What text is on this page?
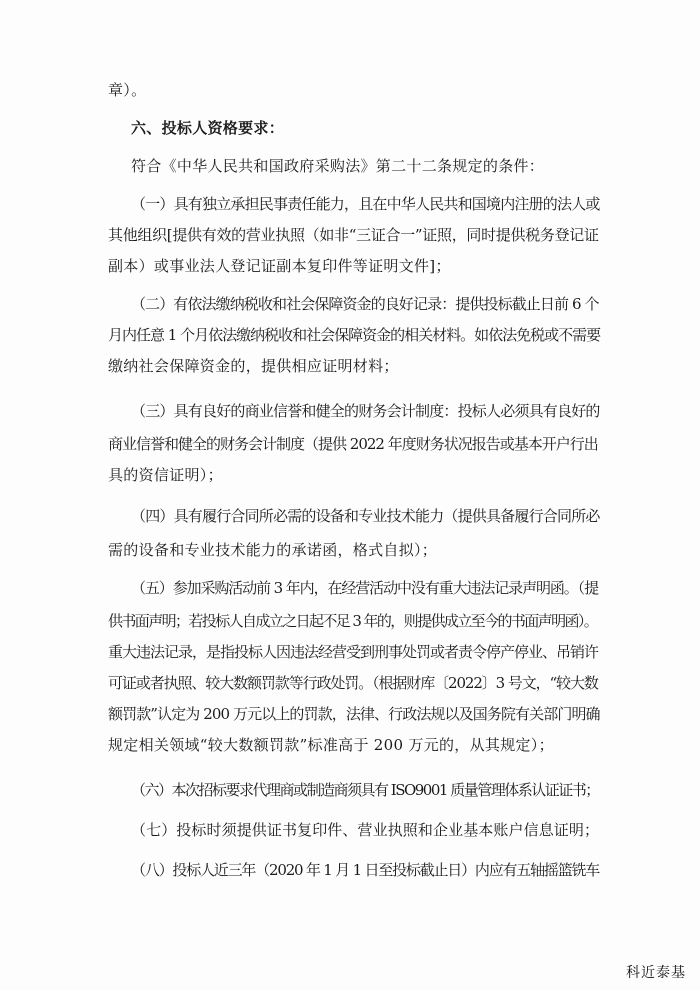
章）。
六、投标人资格要求：
符合《中华人民共和国政府采购法》第二十二条规定的条件：
（一）具有独立承担民事责任能力，且在中华人民共和国境内注册的法人或
其他组织[提供有效的营业执照（如非“三证合一”证照，同时提供税务登记证
副本）或事业法人登记证副本复印件等证明文件]；
（二）有依法缴纳税收和社会保障资金的良好记录：提供投标截止日前 6 个
月内任意 1 个月依法缴纳税收和社会保障资金的相关材料。如依法免税或不需要
缴纳社会保障资金的，提供相应证明材料；
（三）具有良好的商业信誉和健全的财务会计制度：投标人必须具有良好的
商业信誉和健全的财务会计制度（提供 2022 年度财务状况报告或基本开户行出
具的资信证明）；
（四）具有履行合同所必需的设备和专业技术能力（提供具备履行合同所必
需的设备和专业技术能力的承诺函，格式自拟）；
（五）参加采购活动前 3 年内，在经营活动中没有重大违法记录声明函。（提
供书面声明；若投标人自成立之日起不足 3 年的，则提供成立至今的书面声明函）。
重大违法记录，是指投标人因违法经营受到刑事处罚或者责令停产停业、吊销许
可证或者执照、较大数额罚款等行政处罚。（根据财库〔2022〕3 号文，“较大数
额罚款”认定为 200 万元以上的罚款，法律、行政法规以及国务院有关部门明确
规定相关领域“较大数额罚款”标准高于 200 万元的，从其规定）；
（六）本次招标要求代理商或制造商须具有 ISO9001 质量管理体系认证证书；
（七）投标时须提供证书复印件、营业执照和企业基本账户信息证明；
（八）投标人近三年（2020 年 1 月 1 日至投标截止日）内应有五轴摇篮铣车
科近泰基
